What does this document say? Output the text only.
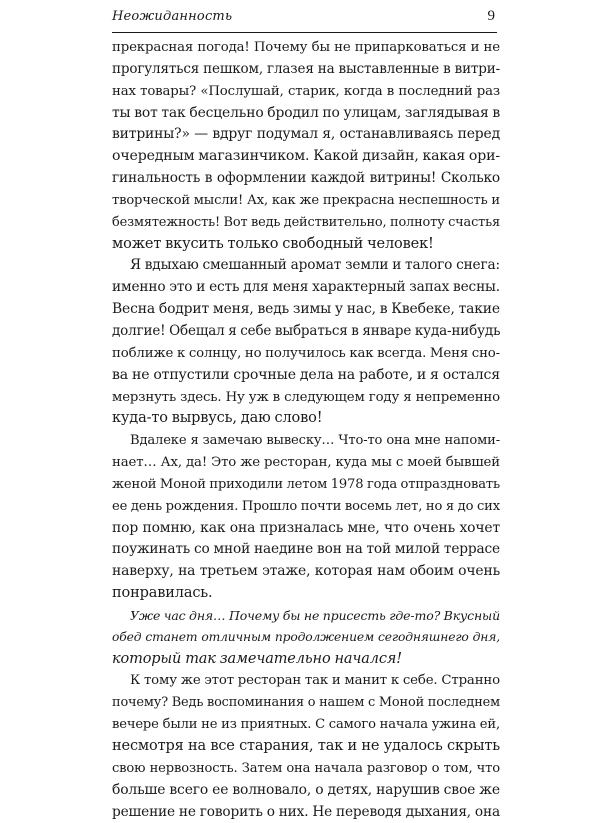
Неожиданность	9
прекрасная погода! Почему бы не припарковаться и не
прогуляться пешком, глазея на выставленные в витри-
нах товары? «Послушай, старик, когда в последний раз
ты вот так бесцельно бродил по улицам, заглядывая в
витрины?» — вдруг подумал я, останавливаясь перед
очередным магазинчиком. Какой дизайн, какая ори-
гинальность в оформлении каждой витрины! Сколько
творческой мысли! Ах, как же прекрасна неспешность и
безмятежность! Вот ведь действительно, полноту счастья
может вкусить только свободный человек!
Я вдыхаю смешанный аромат земли и талого снега:
именно это и есть для меня характерный запах весны.
Весна бодрит меня, ведь зимы у нас, в Квебеке, такие
долгие! Обещал я себе выбраться в январе куда-нибудь
поближе к солнцу, но получилось как всегда. Меня сно-
ва не отпустили срочные дела на работе, и я остался
мерзнуть здесь. Ну уж в следующем году я непременно
куда-то вырвусь, даю слово!
Вдалеке я замечаю вывеску… Что-то она мне напоми-
нает… Ах, да! Это же ресторан, куда мы с моей бывшей
женой Моной приходили летом 1978 года отпраздновать
ее день рождения. Прошло почти восемь лет, но я до сих
пор помню, как она призналась мне, что очень хочет
поужинать со мной наедине вон на той милой террасе
наверху, на третьем этаже, которая нам обоим очень
понравилась.
Уже час дня… Почему бы не присесть где-то? Вкусный
обед станет отличным продолжением сегодняшнего дня,
который так замечательно начался!
К тому же этот ресторан так и манит к себе. Странно
почему? Ведь воспоминания о нашем с Моной последнем
вечере были не из приятных. С самого начала ужина ей,
несмотря на все старания, так и не удалось скрыть
свою нервозность. Затем она начала разговор о том, что
больше всего ее волновало, о детях, нарушив свое же
решение не говорить о них. Не переводя дыхания, она
